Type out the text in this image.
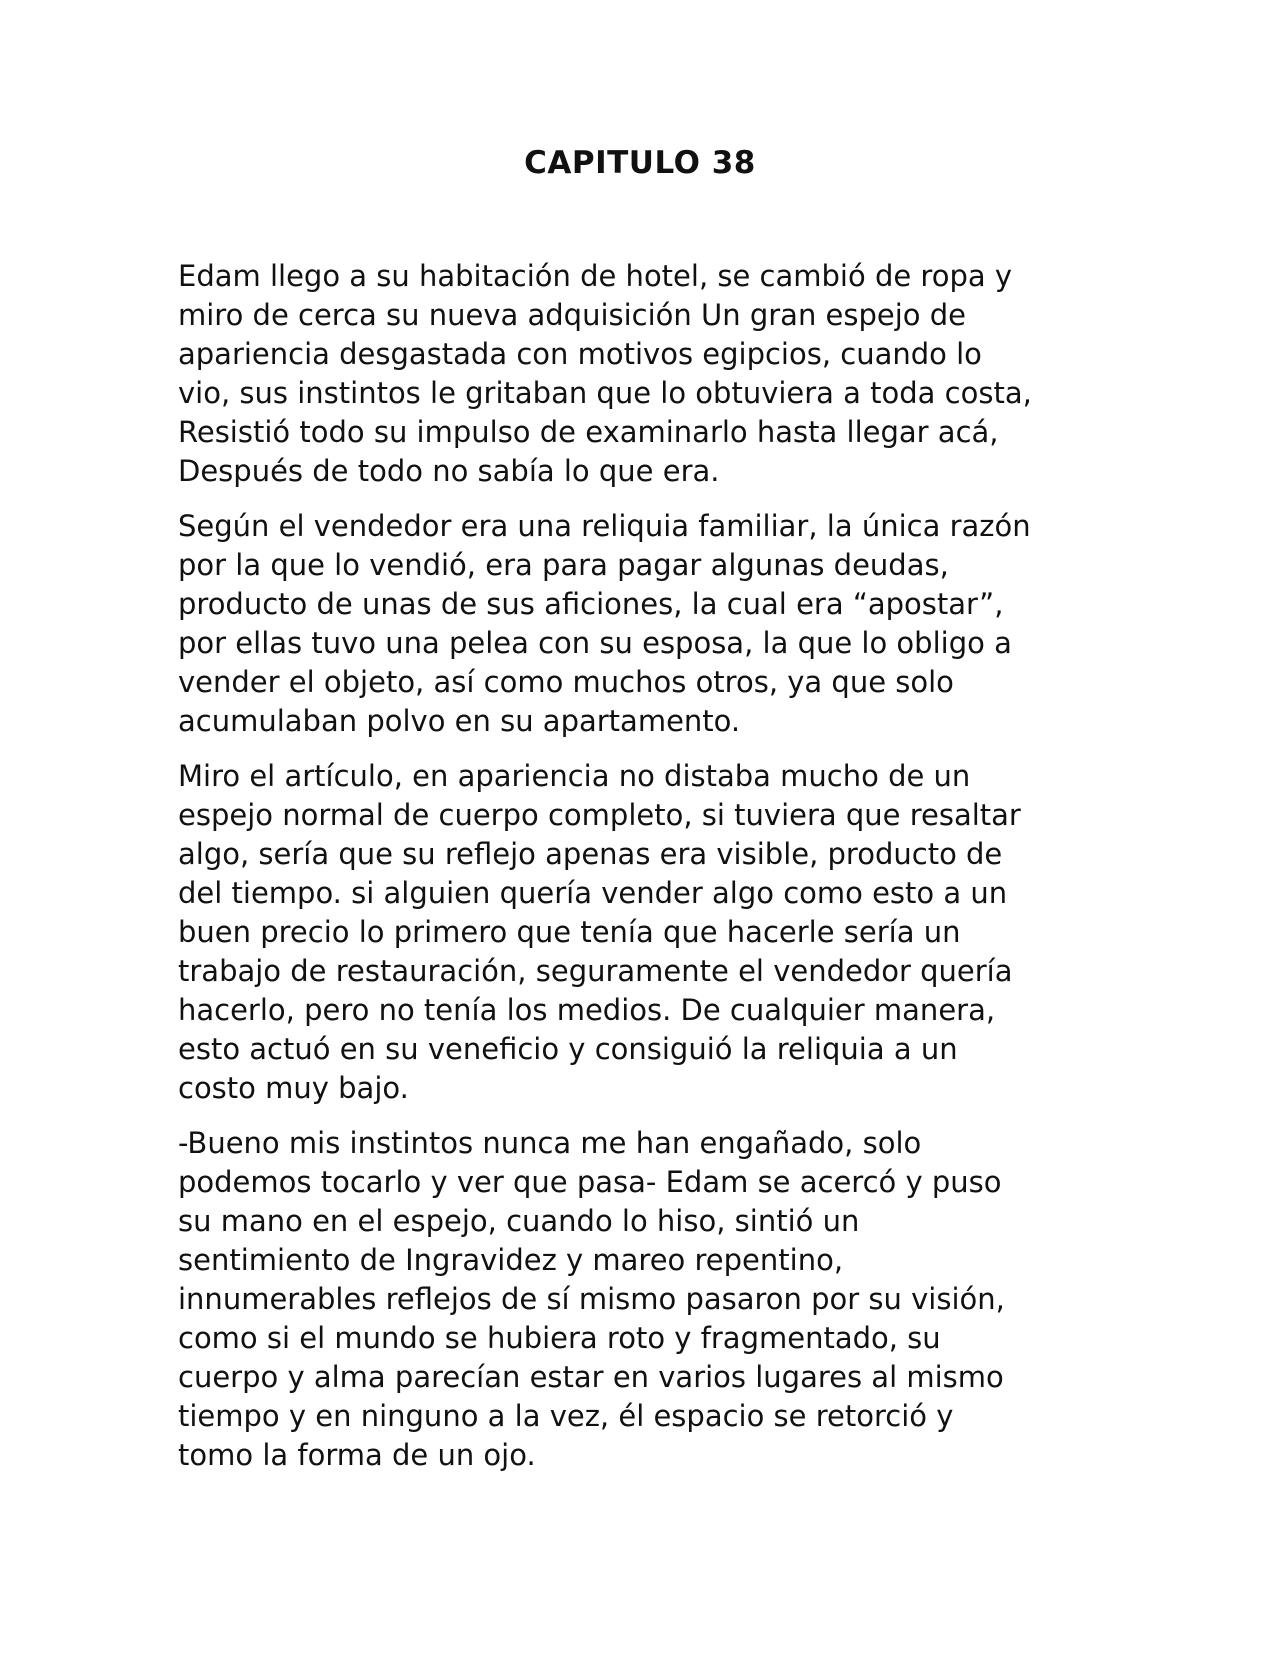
CAPITULO 38

Edam llego a su habitación de hotel, se cambió de ropa y
miro de cerca su nueva adquisición Un gran espejo de
apariencia desgastada con motivos egipcios, cuando lo
vio, sus instintos le gritaban que lo obtuviera a toda costa,
Resistió todo su impulso de examinarlo hasta llegar acá,
Después de todo no sabía lo que era.

Según el vendedor era una reliquia familiar, la única razón
por la que lo vendió, era para pagar algunas deudas,
producto de unas de sus aficiones, la cual era “apostar”,
por ellas tuvo una pelea con su esposa, la que lo obligo a
vender el objeto, así como muchos otros, ya que solo
acumulaban polvo en su apartamento.

Miro el artículo, en apariencia no distaba mucho de un
espejo normal de cuerpo completo, si tuviera que resaltar
algo, sería que su reflejo apenas era visible, producto de
del tiempo. si alguien quería vender algo como esto a un
buen precio lo primero que tenía que hacerle sería un
trabajo de restauración, seguramente el vendedor quería
hacerlo, pero no tenía los medios. De cualquier manera,
esto actuó en su veneficio y consiguió la reliquia a un
costo muy bajo.

-Bueno mis instintos nunca me han engañado, solo
podemos tocarlo y ver que pasa- Edam se acercó y puso
su mano en el espejo, cuando lo hiso, sintió un
sentimiento de Ingravidez y mareo repentino,
innumerables reflejos de sí mismo pasaron por su visión,
como si el mundo se hubiera roto y fragmentado, su
cuerpo y alma parecían estar en varios lugares al mismo
tiempo y en ninguno a la vez, él espacio se retorció y
tomo la forma de un ojo.
